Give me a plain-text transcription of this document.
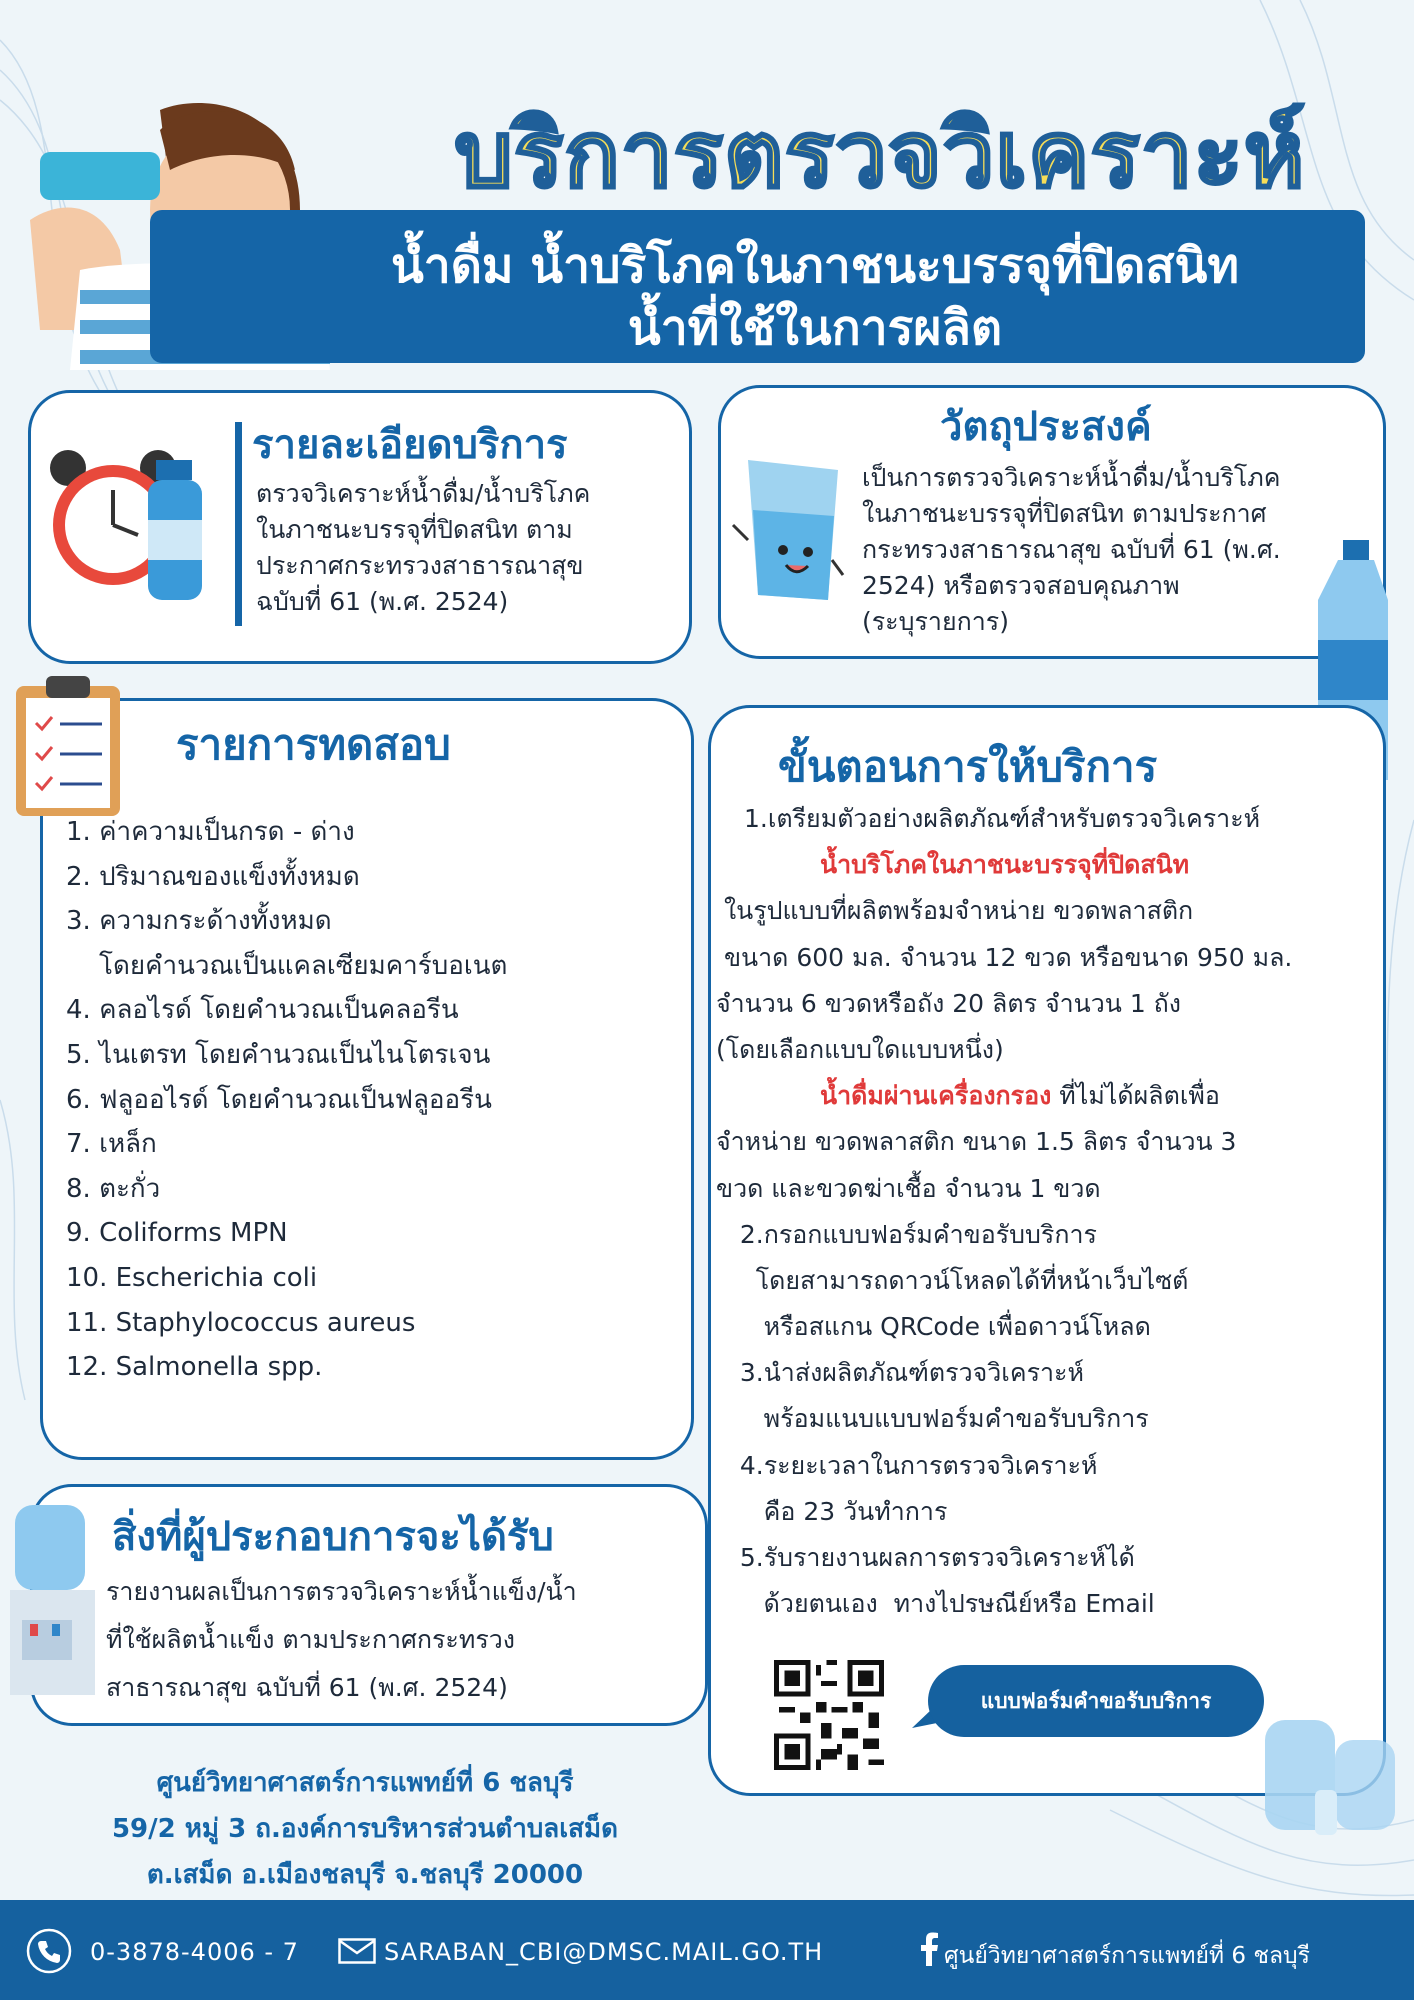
บริการตรวจวิเคราะห์
น้ำดื่ม น้ำบริโภคในภาชนะบรรจุที่ปิดสนิท
น้ำที่ใช้ในการผลิต
รายละเอียดบริการ
ตรวจวิเคราะห์น้ำดื่ม/น้ำบริโภค
ในภาชนะบรรจุที่ปิดสนิท ตาม
ประกาศกระทรวงสาธารณาสุข
ฉบับที่ 61 (พ.ศ. 2524)
วัตถุประสงค์
เป็นการตรวจวิเคราะห์น้ำดื่ม/น้ำบริโภค
ในภาชนะบรรจุที่ปิดสนิท ตามประกาศ
กระทรวงสาธารณาสุข ฉบับที่ 61 (พ.ศ.
2524) หรือตรวจสอบคุณภาพ
(ระบุรายการ)
รายการทดสอบ
1. ค่าความเป็นกรด - ด่าง
2. ปริมาณของแข็งทั้งหมด
3. ความกระด้างทั้งหมด
โดยคำนวณเป็นแคลเซียมคาร์บอเนต
4. คลอไรด์ โดยคำนวณเป็นคลอรีน
5. ไนเตรท โดยคำนวณเป็นไนโตรเจน
6. ฟลูออไรด์ โดยคำนวณเป็นฟลูออรีน
7. เหล็ก
8. ตะกั่ว
9. Coliforms MPN
10. Escherichia coli
11. Staphylococcus aureus
12. Salmonella spp.
ขั้นตอนการให้บริการ
1.เตรียมตัวอย่างผลิตภัณฑ์สำหรับตรวจวิเคราะห์
น้ำบริโภคในภาชนะบรรจุที่ปิดสนิท
ในรูปแบบที่ผลิตพร้อมจำหน่าย ขวดพลาสติก
ขนาด 600 มล. จำนวน 12 ขวด หรือขนาด 950 มล.
จำนวน 6 ขวดหรือถัง 20 ลิตร จำนวน 1 ถัง
(โดยเลือกแบบใดแบบหนึ่ง)
น้ำดื่มผ่านเครื่องกรอง ที่ไม่ได้ผลิตเพื่อ
จำหน่าย ขวดพลาสติก ขนาด 1.5 ลิตร จำนวน 3
ขวด และขวดฆ่าเชื้อ จำนวน 1 ขวด
2.กรอกแบบฟอร์มคำขอรับบริการ
โดยสามารถดาวน์โหลดได้ที่หน้าเว็บไซต์
หรือสแกน QRCode เพื่อดาวน์โหลด
3.นำส่งผลิตภัณฑ์ตรวจวิเคราะห์
พร้อมแนบแบบฟอร์มคำขอรับบริการ
4.ระยะเวลาในการตรวจวิเคราะห์
คือ 23 วันทำการ
5.รับรายงานผลการตรวจวิเคราะห์ได้
ด้วยตนเอง  ทางไปรษณีย์หรือ Email
แบบฟอร์มคำขอรับบริการ
สิ่งที่ผู้ประกอบการจะได้รับ
รายงานผลเป็นการตรวจวิเคราะห์น้ำแข็ง/น้ำ
ที่ใช้ผลิตน้ำแข็ง ตามประกาศกระทรวง
สาธารณาสุข ฉบับที่ 61 (พ.ศ. 2524)
ศูนย์วิทยาศาสตร์การแพทย์ที่ 6 ชลบุรี
59/2 หมู่ 3 ถ.องค์การบริหารส่วนตำบลเสม็ด
ต.เสม็ด อ.เมืองชลบุรี จ.ชลบุรี 20000
0-3878-4006 - 7	SARABAN_CBI@DMSC.MAIL.GO.TH	ศูนย์วิทยาศาสตร์การแพทย์ที่ 6 ชลบุรี
